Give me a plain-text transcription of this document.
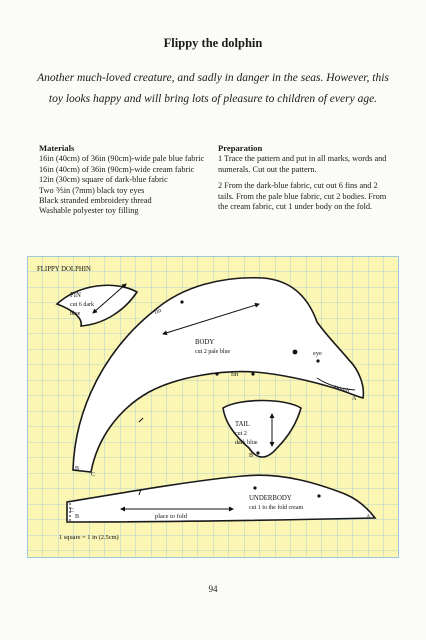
Flippy the dolphin
Another much-loved creature, and sadly in danger in the seas. However, this toy looks happy and will bring lots of pleasure to children of every age.
Materials

16in (40cm) of 36in (90cm)-wide pale blue fabric

16in (40cm) of 36in (90cm)-wide cream fabric

12in (30cm) square of dark-blue fabric

Two ⅗in (7mm) black toy eyes

Black stranded embroidery thread

Washable polyester toy filling

Preparation

1 Trace the pattern and put in all marks, words and numerals. Cut out the pattern.

2 From the dark-blue fabric, cut out 6 fins and 2 tails. From the pale blue fabric, cut 2 bodies. From the cream fabric, cut 1 under body on the fold.

FLIPPY DOLPHIN
FIN
cut 6 dark
blue	fin
BODY
cut 2 pale blue
fin
eye
mouth
A
B
C
TAIL
cut 2
dark blue
B
place to fold
UNDERBODY
cut 1 to the fold cream
C
B	A
1 square = 1 in (2.5cm)
94
